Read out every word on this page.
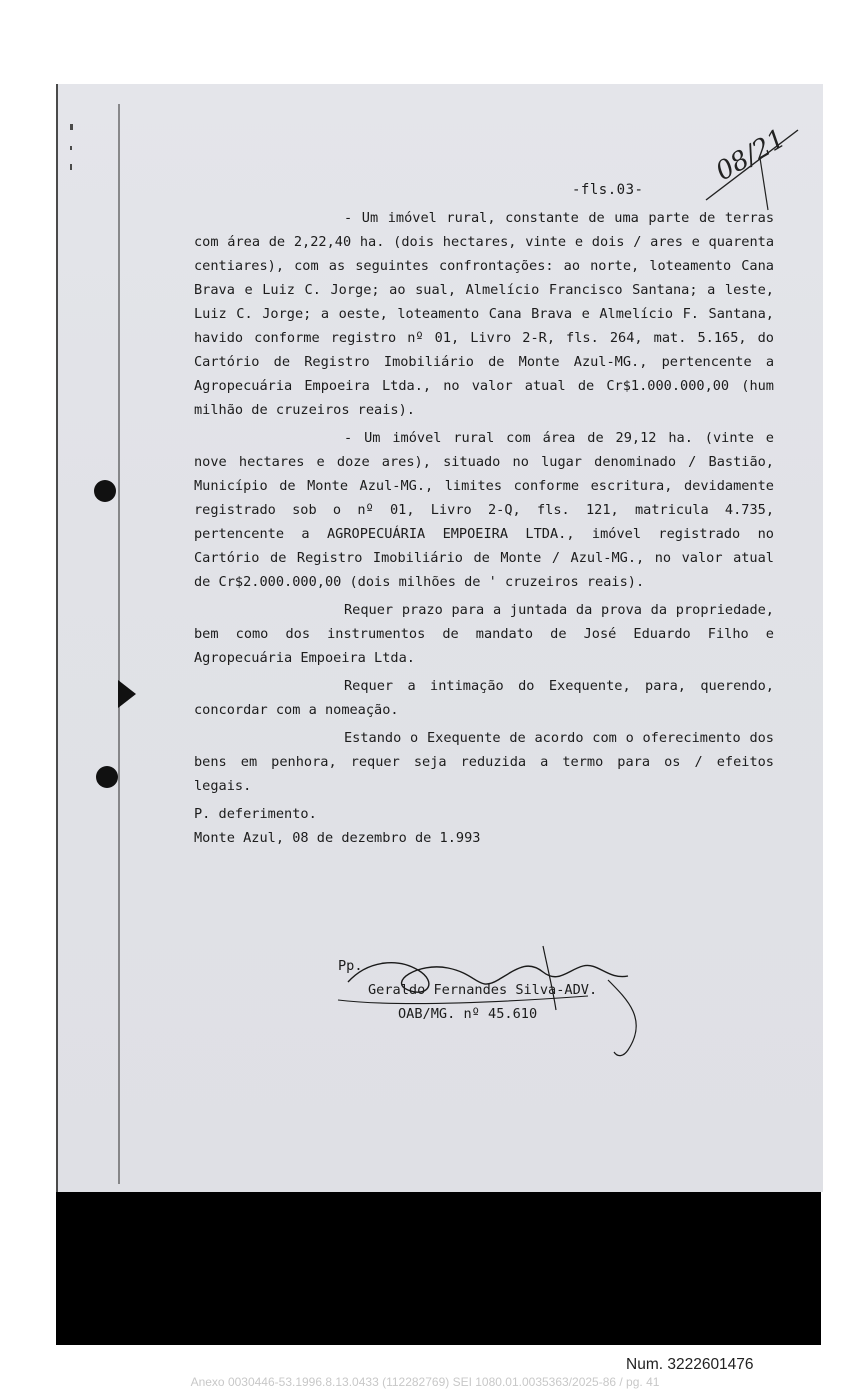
08/21
-fls.03-

- Um imóvel rural, constante de uma parte de terras com área de 2,22,40 ha. (dois hectares, vinte e dois / ares e quarenta centiares), com as seguintes confrontações: ao norte, loteamento Cana Brava e Luiz C. Jorge; ao sual, Almelício Francisco Santana; a leste, Luiz C. Jorge; a oeste, loteamento Cana Brava e Almelício F. Santana, havido conforme registro nº 01, Livro 2-R, fls. 264, mat. 5.165, do Cartório de Registro Imobiliário de Monte Azul-MG., pertencente a Agropecuária Empoeira Ltda., no valor atual de Cr$1.000.000,00 (hum milhão de cruzeiros reais).

- Um imóvel rural com área de 29,12 ha. (vinte e nove hectares e doze ares), situado no lugar denominado / Bastião, Município de Monte Azul-MG., limites conforme escritura, devidamente registrado sob o nº 01, Livro 2-Q, fls. 121, matricula 4.735, pertencente a AGROPECUÁRIA EMPOEIRA LTDA., imóvel registrado no Cartório de Registro Imobiliário de Monte / Azul-MG., no valor atual de Cr$2.000.000,00 (dois milhões de ' cruzeiros reais).

Requer prazo para a juntada da prova da propriedade, bem como dos instrumentos de mandato de José Eduardo Filho e Agropecuária Empoeira Ltda.

Requer a intimação do Exequente, para, querendo, concordar com a nomeação.

Estando o Exequente de acordo com o oferecimento dos bens em penhora, requer seja reduzida a termo para os / efeitos legais.

P. deferimento.

Monte Azul, 08 de dezembro de 1.993

Pp.
Geraldo Fernandes Silva-ADV.
OAB/MG. nº 45.610
Num. 3222601476
Anexo 0030446-53.1996.8.13.0433 (112282769) SEI 1080.01.0035363/2025-86 / pg. 41
